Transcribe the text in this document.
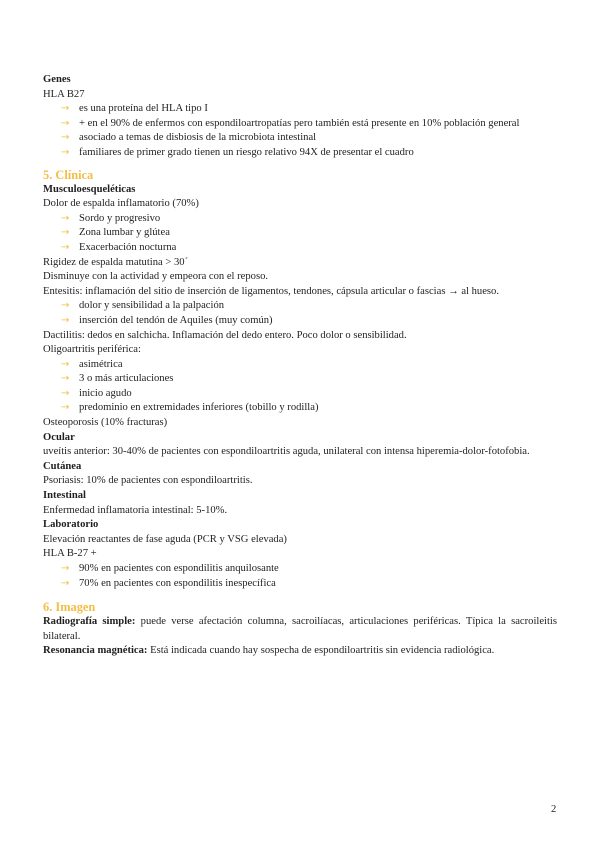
Genes
HLA B27
→ es una proteína del HLA tipo I
→ + en el 90% de enfermos con espondiloartropatías pero también está presente en 10% población general
→ asociado a temas de disbiosis de la microbiota intestinal
→ familiares de primer grado tienen un riesgo relativo 94X de presentar el cuadro
5. Clínica
Musculoesqueléticas
Dolor de espalda inflamatorio (70%)
→ Sordo y progresivo
→ Zona lumbar y glútea
→ Exacerbación nocturna
Rigidez de espalda matutina > 30´
Disminuye con la actividad y empeora con el reposo.
Entesitis: inflamación del sitio de inserción de ligamentos, tendones, cápsula articular o fascias → al hueso.
→ dolor y sensibilidad a la palpación
→ inserción del tendón de Aquiles (muy común)
Dactilitis: dedos en salchicha. Inflamación del dedo entero. Poco dolor o sensibilidad.
Oligoartritis periférica:
→ asimétrica
→ 3 o más articulaciones
→ inicio agudo
→ predominio en extremidades inferiores (tobillo y rodilla)
Osteoporosis (10% fracturas)
Ocular
uveítis anterior: 30-40% de pacientes con espondiloartritis aguda, unilateral con intensa hiperemia-dolor-fotofobia.
Cutánea
Psoriasis: 10% de pacientes con espondiloartritis.
Intestinal
Enfermedad inflamatoria intestinal: 5-10%.
Laboratorio
Elevación reactantes de fase aguda (PCR y VSG elevada)
HLA B-27 +
→ 90% en pacientes con espondilitis anquilosante
→ 70% en pacientes con espondilitis inespecífica
6. Imagen
Radiografía simple: puede verse afectación columna, sacroilíacas, articulaciones periféricas. Típica la sacroileitis bilateral.
Resonancia magnética: Está indicada cuando hay sospecha de espondiloartritis sin evidencia radiológica.
2
